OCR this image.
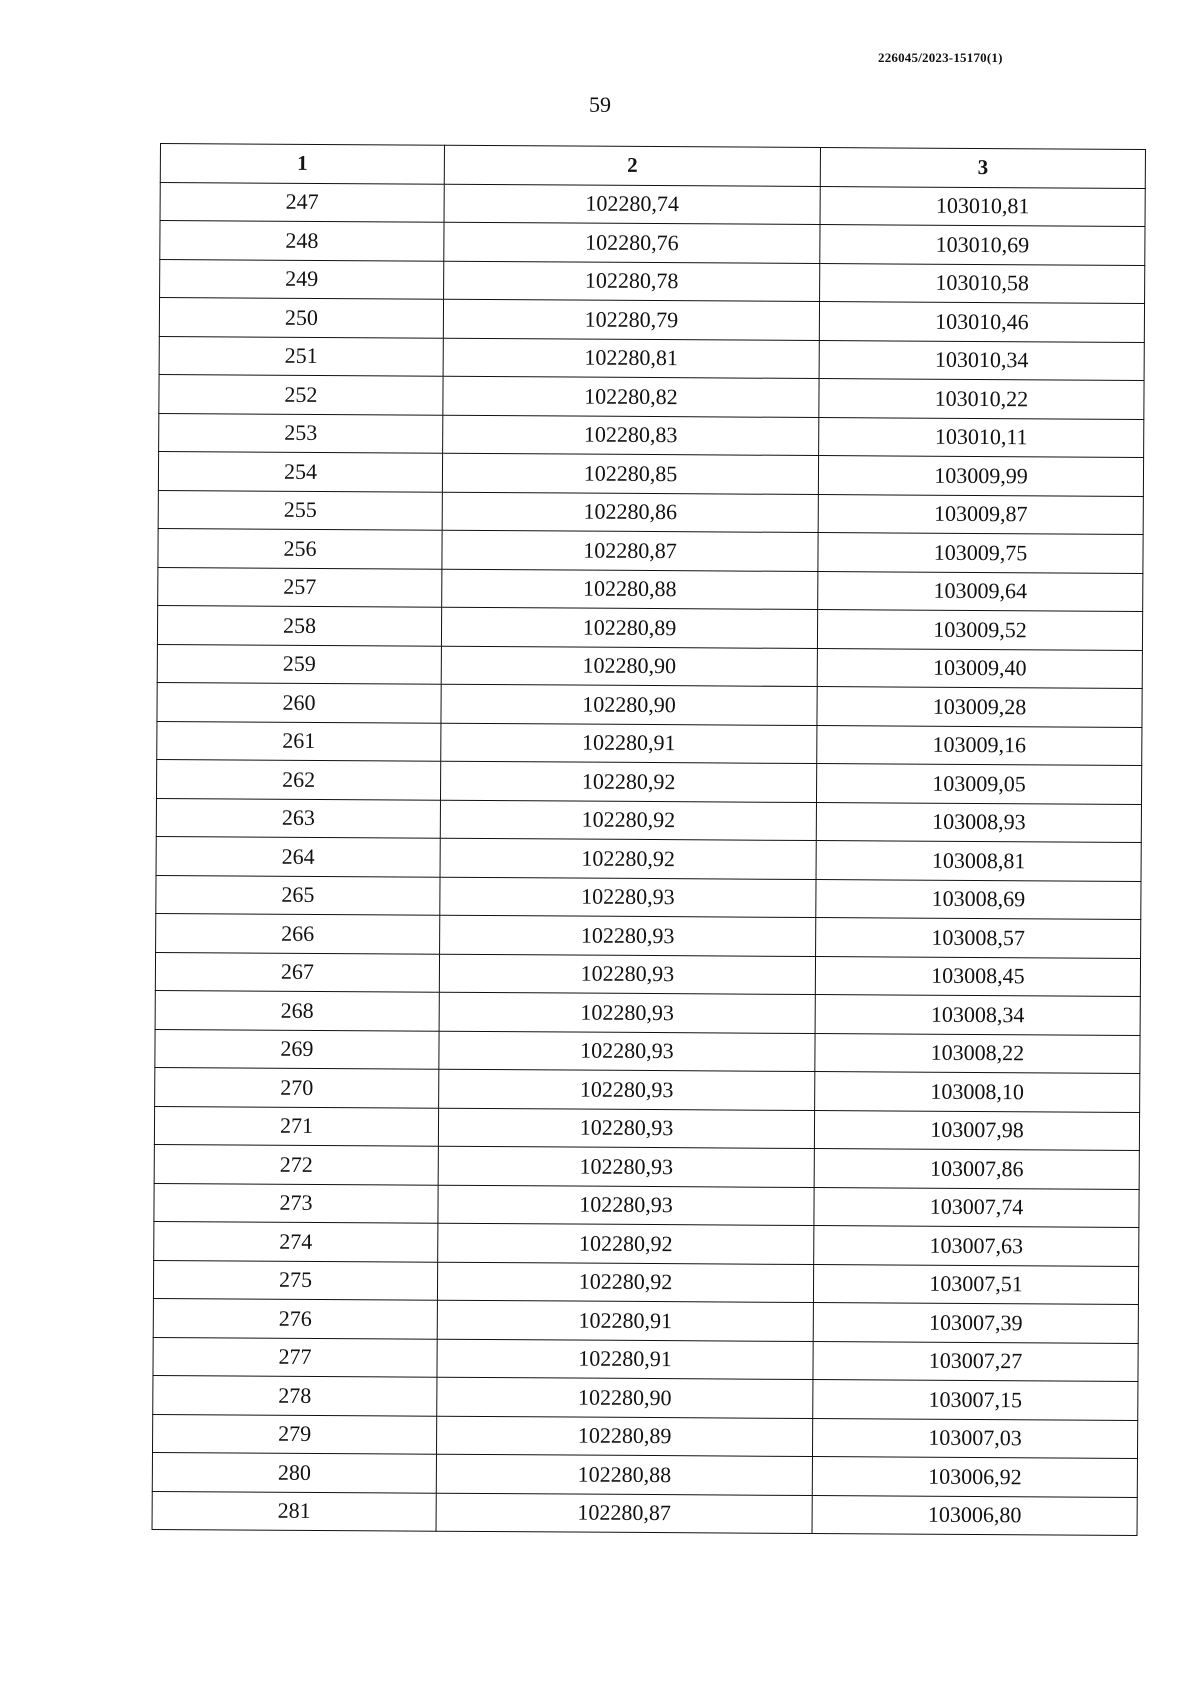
226045/2023-15170(1)
59
1	2	3
247	102280,74	103010,81
248	102280,76	103010,69
249	102280,78	103010,58
250	102280,79	103010,46
251	102280,81	103010,34
252	102280,82	103010,22
253	102280,83	103010,11
254	102280,85	103009,99
255	102280,86	103009,87
256	102280,87	103009,75
257	102280,88	103009,64
258	102280,89	103009,52
259	102280,90	103009,40
260	102280,90	103009,28
261	102280,91	103009,16
262	102280,92	103009,05
263	102280,92	103008,93
264	102280,92	103008,81
265	102280,93	103008,69
266	102280,93	103008,57
267	102280,93	103008,45
268	102280,93	103008,34
269	102280,93	103008,22
270	102280,93	103008,10
271	102280,93	103007,98
272	102280,93	103007,86
273	102280,93	103007,74
274	102280,92	103007,63
275	102280,92	103007,51
276	102280,91	103007,39
277	102280,91	103007,27
278	102280,90	103007,15
279	102280,89	103007,03
280	102280,88	103006,92
281	102280,87	103006,80
